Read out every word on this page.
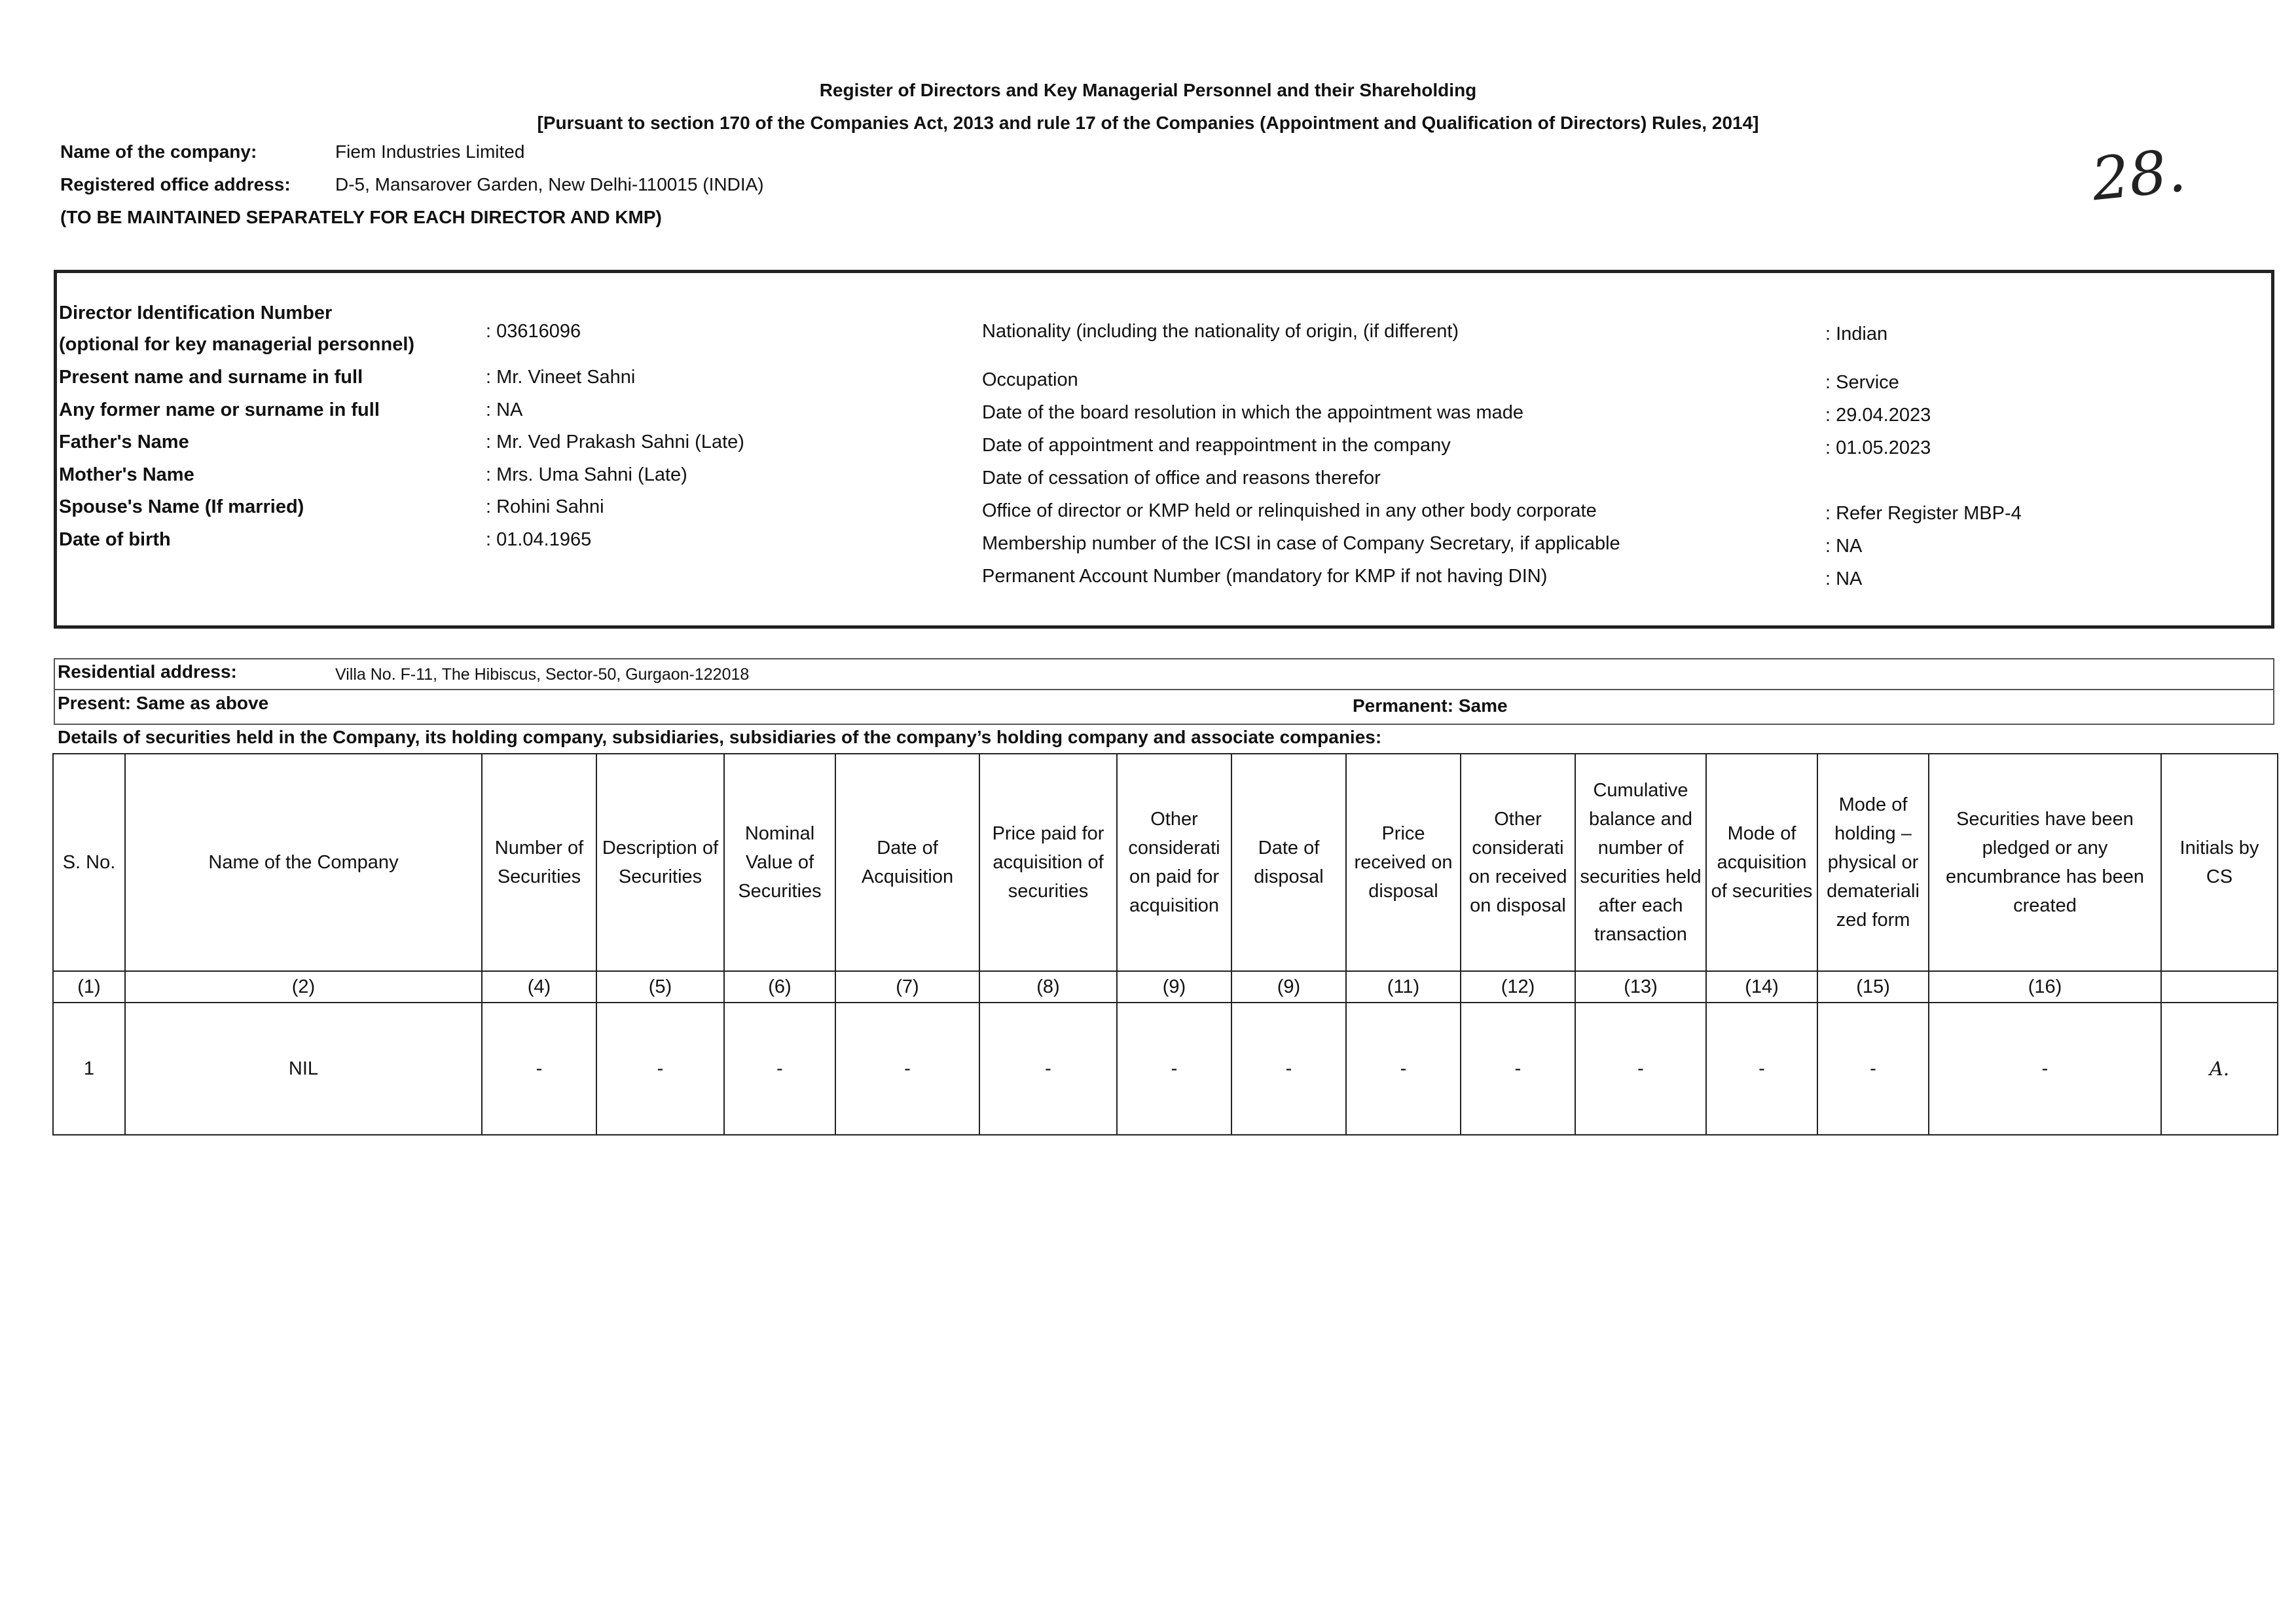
Register of Directors and Key Managerial Personnel and their Shareholding
[Pursuant to section 170 of the Companies Act, 2013 and rule 17 of the Companies (Appointment and Qualification of Directors) Rules, 2014]
Name of the company:	Fiem Industries Limited
Registered office address: D-5, Mansarover Garden, New Delhi-110015 (INDIA)
(TO BE MAINTAINED SEPARATELY FOR EACH DIRECTOR AND KMP)
28.
Director Identification Number
(optional for key managerial personnel)
: 03616096
Present name and surname in full	: Mr. Vineet Sahni
Any former name or surname in full	: NA
Father's Name	: Mr. Ved Prakash Sahni (Late)
Mother's Name	: Mrs. Uma Sahni (Late)
Spouse's Name (If married)	: Rohini Sahni
Date of birth	: 01.04.1965
Nationality (including the nationality of origin, (if different)	: Indian
Occupation	: Service
Date of the board resolution in which the appointment was made	: 29.04.2023
Date of appointment and reappointment in the company	: 01.05.2023
Date of cessation of office and reasons therefor
Office of director or KMP held or relinquished in any other body corporate	: Refer Register MBP-4
Membership number of the ICSI in case of Company Secretary, if applicable	: NA
Permanent Account Number (mandatory for KMP if not having DIN)	: NA
Residential address:	Villa No. F-11, The Hibiscus, Sector-50, Gurgaon-122018
Present: Same as above	Permanent: Same
Details of securities held in the Company, its holding company, subsidiaries, subsidiaries of the company’s holding company and associate companies:
S. No.	Name of the Company	Number of Securities	Description of Securities	Nominal Value of Securities	Date of Acquisition	Price paid for acquisition of securities	Other considerati on paid for acquisition	Date of disposal	Price received on disposal	Other considerati on received on disposal	Cumulative balance and number of securities held after each transaction	Mode of acquisition of securities	Mode of holding – physical or demateriali zed form	Securities have been pledged or any encumbrance has been created	Initials by CS
(1)	(2)	(4)	(5)	(6)	(7)	(8)	(9)	(9)	(11)	(12)	(13)	(14)	(15)	(16)	
1	NIL	-	-	-	-	-	-	-	-	-	-	-	-	-	A.
